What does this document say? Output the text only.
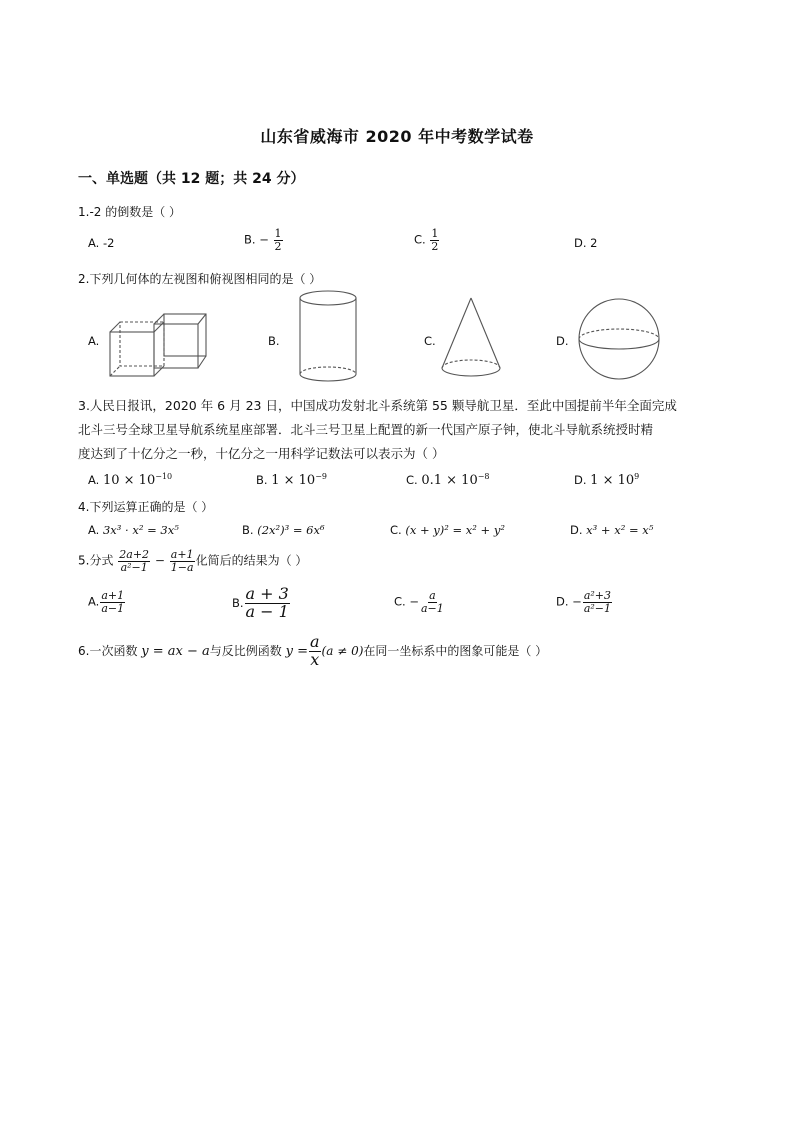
山东省威海市 2020 年中考数学试卷
一、单选题（共 12 题；共 24 分）
1.-2 的倒数是（ ）
A. -2	B. − $\frac{1}{2}$	C. $\frac{1}{2}$	D. 2
2.下列几何体的左视图和俯视图相同的是（ ）
A.	B.	C.	D.
3.人民日报讯，2020 年 6 月 23 日，中国成功发射北斗系统第 55 颗导航卫星．至此中国提前半年全面完成
北斗三号全球卫星导航系统星座部署．北斗三号卫星上配置的新一代国产原子钟，使北斗导航系统授时精
度达到了十亿分之一秒，十亿分之一用科学记数法可以表示为（ ）
A. $10 \times 10^{-10}$	B. $1 \times 10^{-9}$	C. $0.1 \times 10^{-8}$	D. $1 \times 10^9$
4.下列运算正确的是（ ）
A. 3x³ · x² = 3x⁵	B. (2x²)³ = 6x⁶	C. (x + y)² = x² + y²	D. x³ + x² = x⁵
5.分式 $\frac{2a+2}{\text{a²−1}} - \frac{a+1}{1-a}$ 化简后的结果为（ ）
A. $\frac{a+1}{a-1}$	B. $\frac{a + 3}{a - 1}$	C. − $\frac{a}{a-1}$	D. − $\frac{\text{a²+3}}{\text{a²−1}}$
6.一次函数 y = ax − a与反比例函数 $y = \frac{a}{x} (a \ne 0)$在同一坐标系中的图象可能是（ ）
